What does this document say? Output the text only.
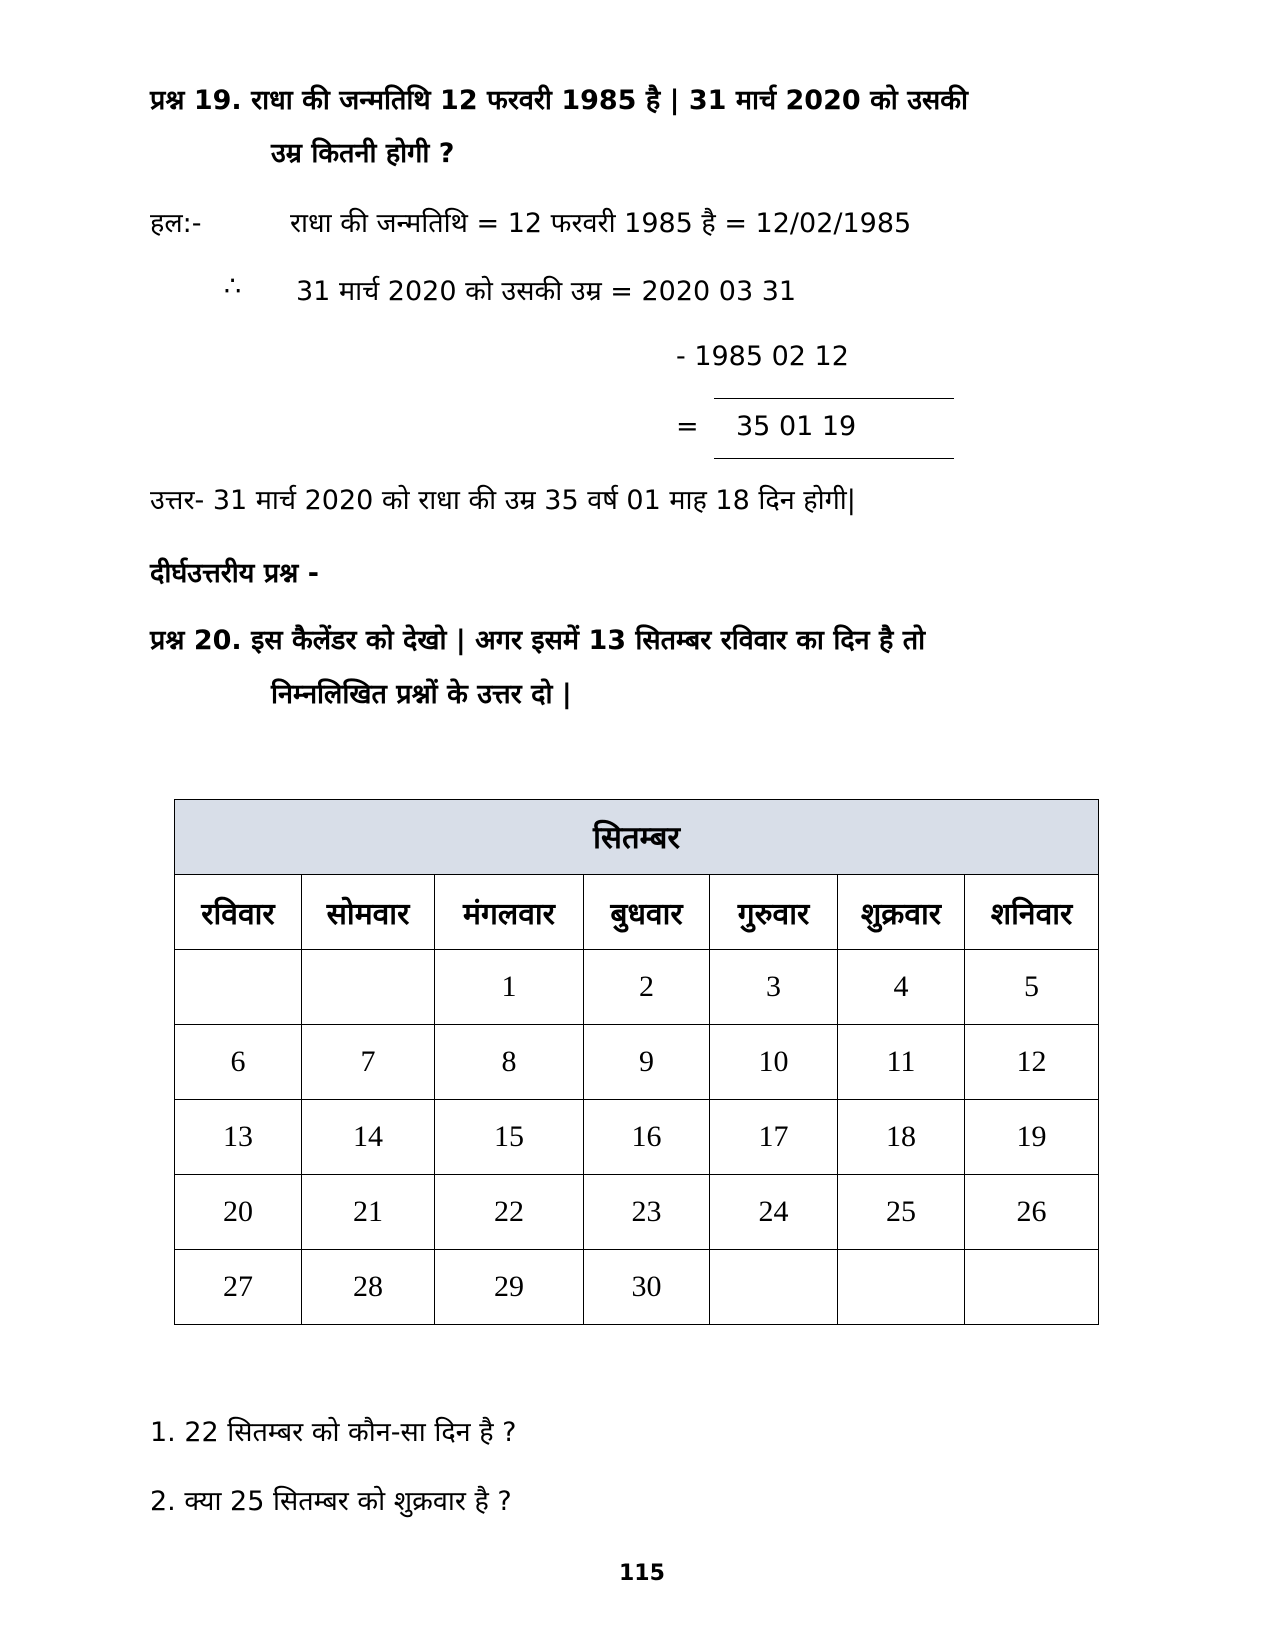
प्रश्न 19. राधा की जन्मतिथि 12 फरवरी 1985 है | 31 मार्च 2020 को उसकी
उम्र कितनी होगी ?
हल:-	राधा की जन्मतिथि = 12 फरवरी 1985 है = 12/02/1985
∴ 31 मार्च 2020 को उसकी उम्र = 2020 03 31
- 1985 02 12
= 35 01 19
उत्तर- 31 मार्च 2020 को राधा की उम्र 35 वर्ष 01 माह 18 दिन होगी|
दीर्घउत्तरीय प्रश्न -
प्रश्न 20. इस कैलेंडर को देखो | अगर इसमें 13 सितम्बर रविवार का दिन है तो
निम्नलिखित प्रश्नों के उत्तर दो |
सितम्बर						
रविवार	सोमवार	मंगलवार	बुधवार	गुरुवार	शुक्रवार	शनिवार
		1	2	3	4	5
6	7	8	9	10	11	12
13	14	15	16	17	18	19
20	21	22	23	24	25	26
27	28	29	30			
1. 22 सितम्बर को कौन-सा दिन है ?
2. क्या 25 सितम्बर को शुक्रवार है ?
115
